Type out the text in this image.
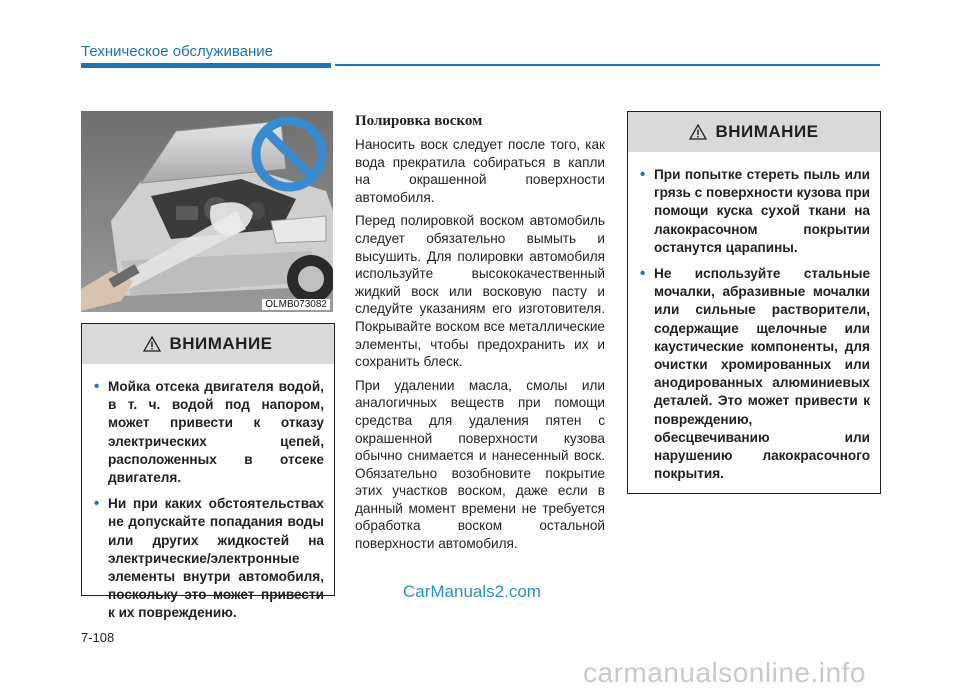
Техническое обслуживание
OLMB073082
ВНИМАНИЕ
• Мойка отсека двигателя водой, в т. ч. водой под напором, может привести к отказу электрических цепей, расположенных в отсеке двигателя.
• Ни при каких обстоятельствах не допускайте попадания воды или других жидкостей на электрические/электронные элементы внутри автомобиля, поскольку это может привести к их повреждению.
Полировка воском

Наносить воск следует после того, как вода прекратила собираться в капли на окрашенной поверхности автомобиля.

Перед полировкой воском автомобиль следует обязательно вымыть и высушить. Для полировки автомобиля используйте высококачественный жидкий воск или восковую пасту и следуйте указаниям его изготовителя. Покрывайте воском все металлические элементы, чтобы предохранить их и сохранить блеск.

При удалении масла, смолы или аналогичных веществ при помощи средства для удаления пятен с окрашенной поверхности кузова обычно снимается и нанесенный воск. Обязательно возобновите покрытие этих участков воском, даже если в данный момент времени не требуется обработка воском остальной поверхности автомобиля.

ВНИМАНИЕ
• При попытке стереть пыль или грязь с поверхности кузова при помощи куска сухой ткани на лакокрасочном покрытии останутся царапины.
• Не используйте стальные мочалки, абразивные мочалки или сильные растворители, содержащие щелочные или каустические компоненты, для очистки хромированных или анодированных алюминиевых деталей. Это может привести к повреждению, обесцвечиванию или нарушению лакокрасочного покрытия.
CarManuals2.com
7-108
carmanualsonline.info
